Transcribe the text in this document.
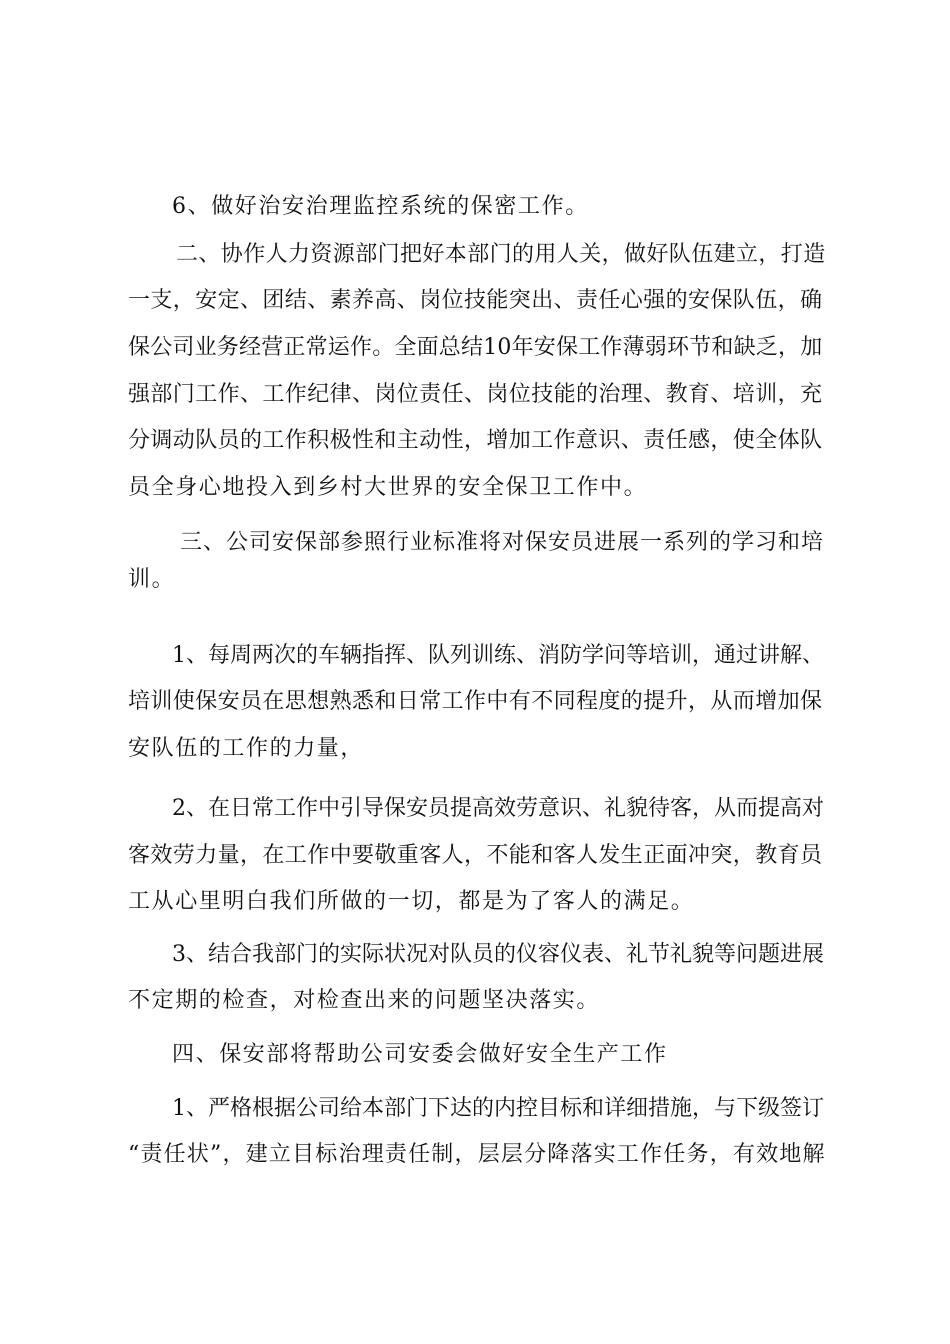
6、做好治安治理监控系统的保密工作。
二、协作人力资源部门把好本部门的用人关，做好队伍建立，打造
一支，安定、团结、素养高、岗位技能突出、责任心强的安保队伍，确
保公司业务经营正常运作。全面总结10年安保工作薄弱环节和缺乏，加
强部门工作、工作纪律、岗位责任、岗位技能的治理、教育、培训，充
分调动队员的工作积极性和主动性，增加工作意识、责任感，使全体队
员全身心地投入到乡村大世界的安全保卫工作中。
三、公司安保部参照行业标准将对保安员进展一系列的学习和培
训。
1、每周两次的车辆指挥、队列训练、消防学问等培训，通过讲解、
培训使保安员在思想熟悉和日常工作中有不同程度的提升，从而增加保
安队伍的工作的力量，
2、在日常工作中引导保安员提高效劳意识、礼貌待客，从而提高对
客效劳力量，在工作中要敬重客人，不能和客人发生正面冲突，教育员
工从心里明白我们所做的一切，都是为了客人的满足。
3、结合我部门的实际状况对队员的仪容仪表、礼节礼貌等问题进展
不定期的检查，对检查出来的问题坚决落实。
四、保安部将帮助公司安委会做好安全生产工作
1、严格根据公司给本部门下达的内控目标和详细措施，与下级签订
“责任状”，建立目标治理责任制，层层分降落实工作任务，有效地解
